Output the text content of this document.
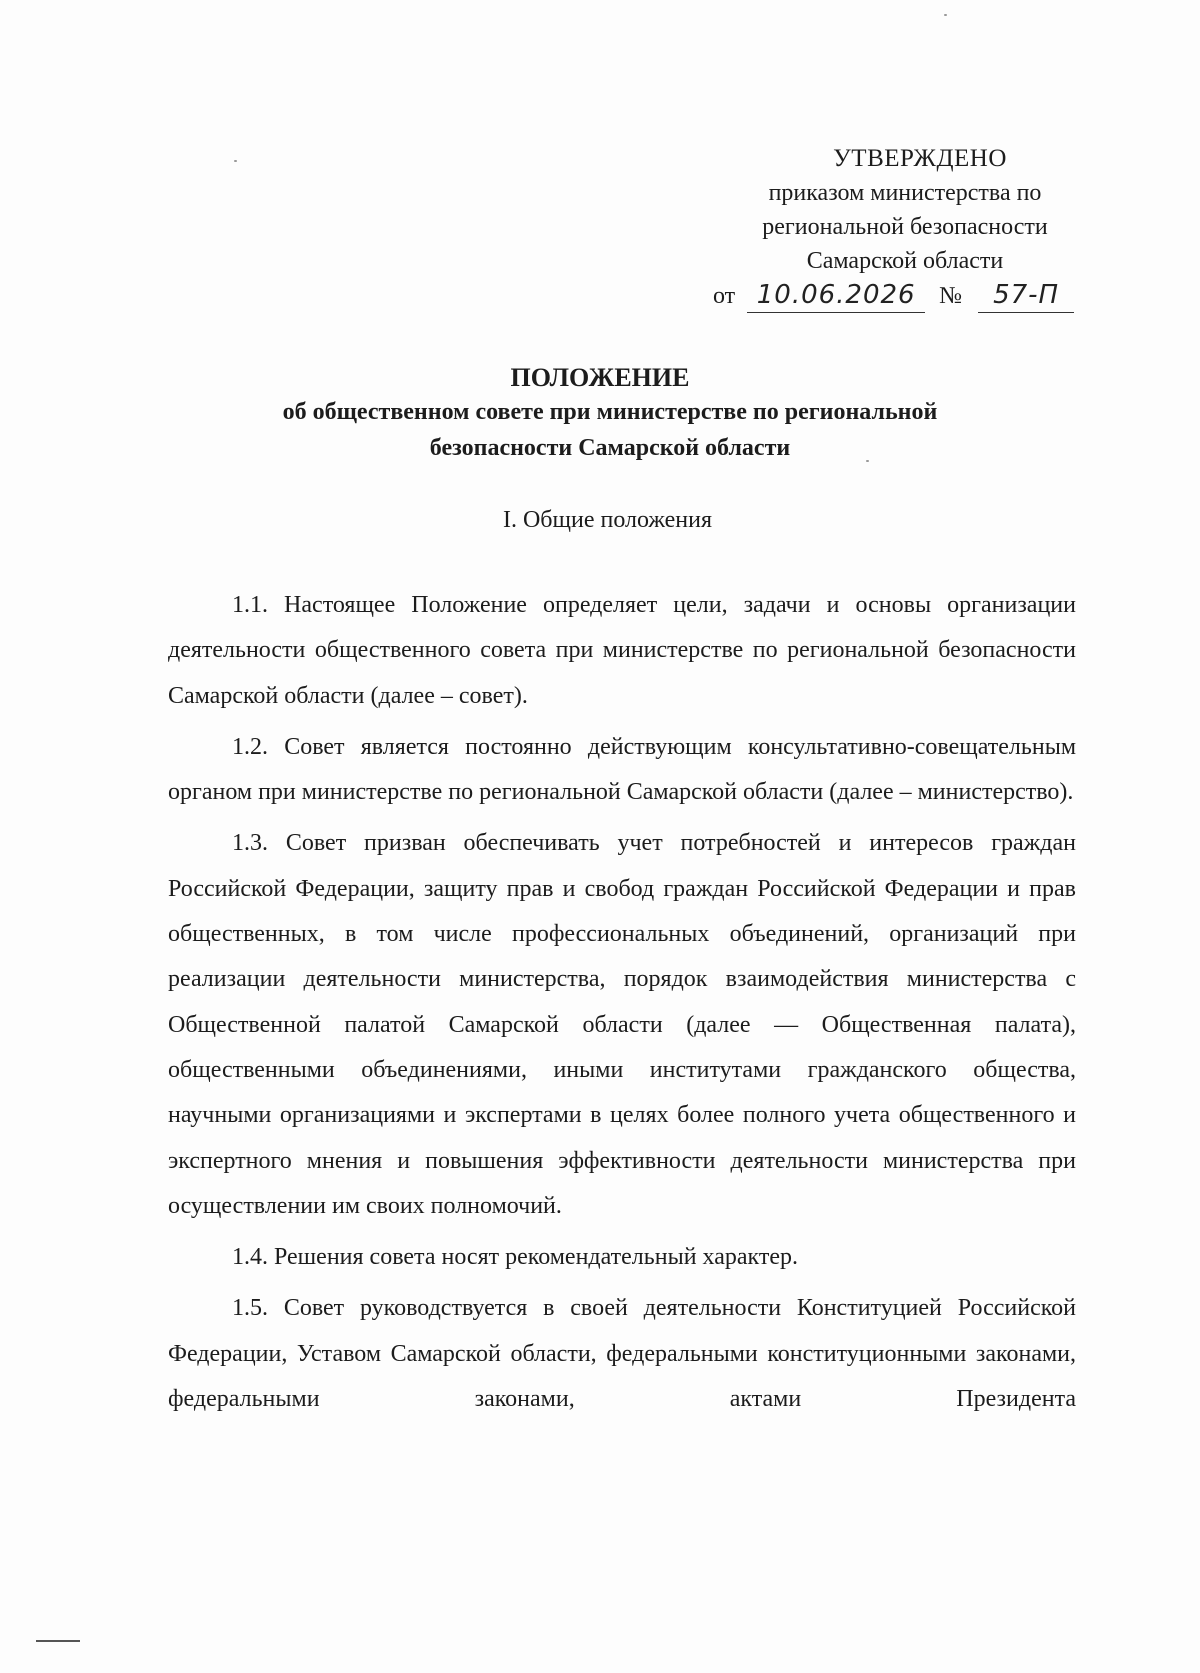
УТВЕРЖДЕНО
приказом министерства по
региональной безопасности
Самарской области
от 10.06.2026 № 57-П
ПОЛОЖЕНИЕ
об общественном совете при министерстве по региональной безопасности Самарской области
I. Общие положения

1.1. Настоящее Положение определяет цели, задачи и основы организации деятельности общественного совета при министерстве по региональной безопасности Самарской области (далее – совет).

1.2. Совет является постоянно действующим консультативно-совещательным органом при министерстве по региональной Самарской области (далее – министерство).

1.3. Совет призван обеспечивать учет потребностей и интересов граждан Российской Федерации, защиту прав и свобод граждан Российской Федерации и прав общественных, в том числе профессиональных объединений, организаций при реализации деятельности министерства, порядок взаимодействия министерства с Общественной палатой Самарской области (далее — Общественная палата), общественными объединениями, иными институтами гражданского общества, научными организациями и экспертами в целях более полного учета общественного и экспертного мнения и повышения эффективности деятельности министерства при осуществлении им своих полномочий.

1.4. Решения совета носят рекомендательный характер.

1.5. Совет руководствуется в своей деятельности Конституцией Российской Федерации, Уставом Самарской области, федеральными конституционными законами, федеральными законами, актами Президента
